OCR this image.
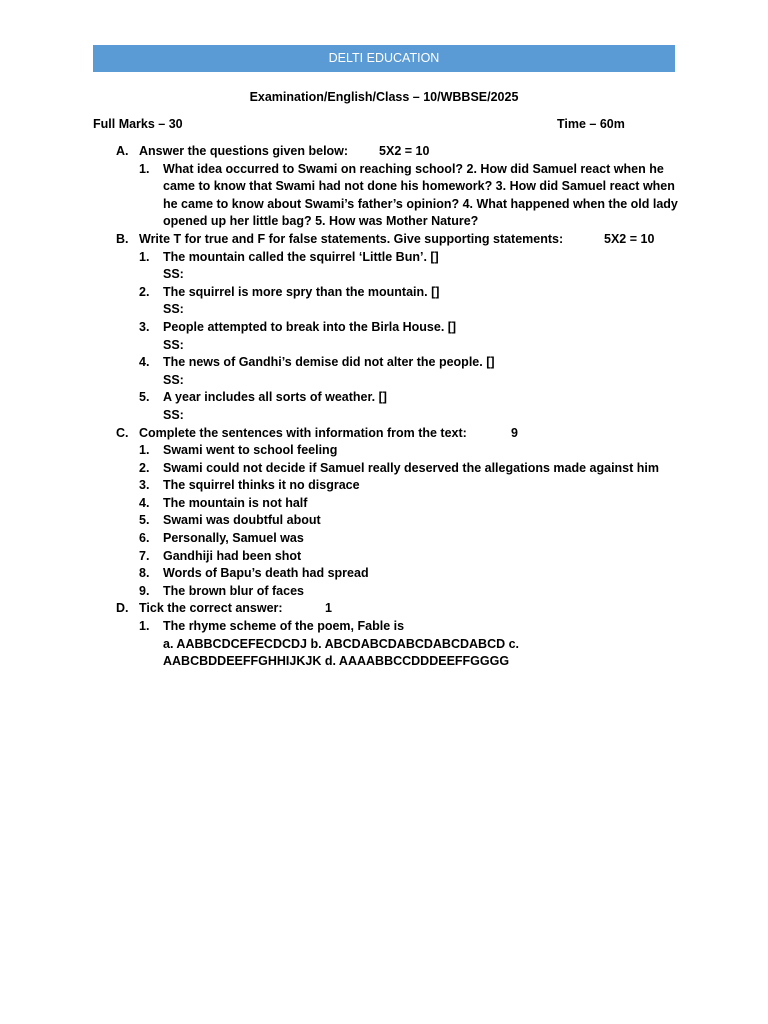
DELTI EDUCATION
Examination/English/Class – 10/WBBSE/2025
Full Marks – 30	Time – 60m
A. Answer the questions given below: 5X2 = 10
1.	What idea occurred to Swami on reaching school? 2. How did Samuel react when he came to know that Swami had not done his homework? 3. How did Samuel react when he came to know about Swami’s father’s opinion? 4. What happened when the old lady opened up her little bag? 5. How was Mother Nature?
B. Write T for true and F for false statements. Give supporting statements:	5X2 = 10
1.	The mountain called the squirrel ‘Little Bun’. []
SS:
2.	The squirrel is more spry than the mountain. []
SS:
3.	People attempted to break into the Birla House. []
SS:
4.	The news of Gandhi’s demise did not alter the people. []
SS:
5.	A year includes all sorts of weather. []
SS:
C. Complete the sentences with information from the text:	9
1.	Swami went to school feeling
2.	Swami could not decide if Samuel really deserved the allegations made against him
3.	The squirrel thinks it no disgrace
4.	The mountain is not half
5.	Swami was doubtful about
6.	Personally, Samuel was
7.	Gandhiji had been shot
8.	Words of Bapu’s death had spread
9.	The brown blur of faces
D. Tick the correct answer:	1
1.	The rhyme scheme of the poem, Fable is
a. AABBCDCEFECDCDJ b. ABCDABCDABCDABCDABCD c. AABCBDDEEFFGHHIJKJK d. AAAABBCCDDDEEFFGGGG
